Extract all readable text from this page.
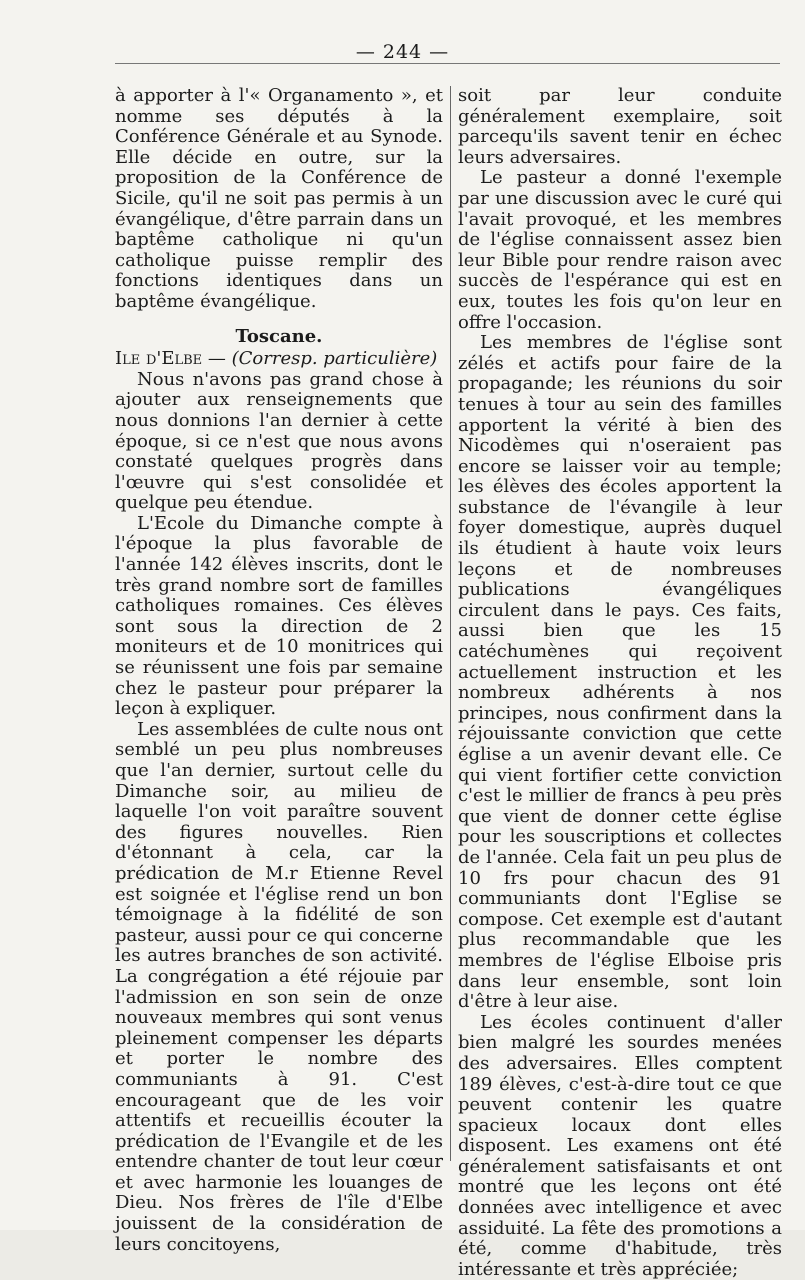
— 244 —

à apporter à l'« Organamento », et nomme ses députés à la Conférence Générale et au Synode. Elle décide en outre, sur la proposition de la Conférence de Sicile, qu'il ne soit pas permis à un évangélique, d'être parrain dans un baptême catholique ni qu'un catholique puisse remplir des fonctions identiques dans un baptême évangélique.

Toscane.

Ile d'Elbe — (Corresp. particulière)

Nous n'avons pas grand chose à ajouter aux renseignements que nous donnions l'an dernier à cette époque, si ce n'est que nous avons constaté quelques progrès dans l'œuvre qui s'est consolidée et quelque peu étendue.

L'Ecole du Dimanche compte à l'époque la plus favorable de l'année 142 élèves inscrits, dont le très grand nombre sort de familles catholiques romaines. Ces élèves sont sous la direction de 2 moniteurs et de 10 monitrices qui se réunissent une fois par semaine chez le pasteur pour préparer la leçon à expliquer.

Les assemblées de culte nous ont semblé un peu plus nombreuses que l'an dernier, surtout celle du Dimanche soir, au milieu de laquelle l'on voit paraître souvent des figures nouvelles. Rien d'étonnant à cela, car la prédication de M.r Etienne Revel est soignée et l'église rend un bon témoignage à la fidélité de son pasteur, aussi pour ce qui concerne les autres branches de son activité. La congrégation a été réjouie par l'admission en son sein de onze nouveaux membres qui sont venus pleinement compenser les départs et porter le nombre des communiants à 91. C'est encourageant que de les voir attentifs et recueillis écouter la prédication de l'Evangile et de les entendre chanter de tout leur cœur et avec harmonie les louanges de Dieu. Nos frères de l'île d'Elbe jouissent de la considération de leurs concitoyens,

soit par leur conduite généralement exemplaire, soit parcequ'ils savent tenir en échec leurs adversaires.

Le pasteur a donné l'exemple par une discussion avec le curé qui l'avait provoqué, et les membres de l'église connaissent assez bien leur Bible pour rendre raison avec succès de l'espérance qui est en eux, toutes les fois qu'on leur en offre l'occasion.

Les membres de l'église sont zélés et actifs pour faire de la propagande; les réunions du soir tenues à tour au sein des familles apportent la vérité à bien des Nicodèmes qui n'oseraient pas encore se laisser voir au temple; les élèves des écoles apportent la substance de l'évangile à leur foyer domestique, auprès duquel ils étudient à haute voix leurs leçons et de nombreuses publications évangéliques circulent dans le pays. Ces faits, aussi bien que les 15 catéchumènes qui reçoivent actuellement instruction et les nombreux adhérents à nos principes, nous confirment dans la réjouissante conviction que cette église a un avenir devant elle. Ce qui vient fortifier cette conviction c'est le millier de francs à peu près que vient de donner cette église pour les souscriptions et collectes de l'année. Cela fait un peu plus de 10 frs pour chacun des 91 communiants dont l'Eglise se compose. Cet exemple est d'autant plus recommandable que les membres de l'église Elboise pris dans leur ensemble, sont loin d'être à leur aise.

Les écoles continuent d'aller bien malgré les sourdes menées des adversaires. Elles comptent 189 élèves, c'est-à-dire tout ce que peuvent contenir les quatre spacieux locaux dont elles disposent. Les examens ont été généralement satisfaisants et ont montré que les leçons ont été données avec intelligence et avec assiduité. La fête des promotions a été, comme d'habitude, très intéressante et très appréciée;
